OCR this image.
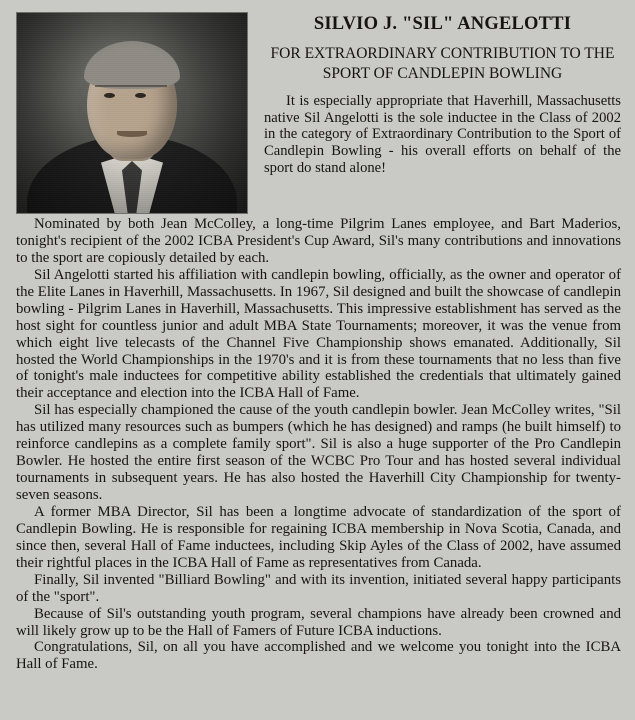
SILVIO J. "SIL" ANGELOTTI
FOR EXTRAORDINARY CONTRIBUTION TO THE SPORT OF CANDLEPIN BOWLING

It is especially appropriate that Haverhill, Massachusetts native Sil Angelotti is the sole inductee in the Class of 2002 in the category of Extraordinary Contribution to the Sport of Candlepin Bowling - his overall efforts on behalf of the sport do stand alone!

Nominated by both Jean McColley, a long-time Pilgrim Lanes employee, and Bart Maderios, tonight's recipient of the 2002 ICBA President's Cup Award, Sil's many contributions and innovations to the sport are copiously detailed by each.

Sil Angelotti started his affiliation with candlepin bowling, officially, as the owner and operator of the Elite Lanes in Haverhill, Massachusetts. In 1967, Sil designed and built the showcase of candlepin bowling - Pilgrim Lanes in Haverhill, Massachusetts. This impressive establishment has served as the host sight for countless junior and adult MBA State Tournaments; moreover, it was the venue from which eight live telecasts of the Channel Five Championship shows emanated. Additionally, Sil hosted the World Championships in the 1970's and it is from these tournaments that no less than five of tonight's male inductees for competitive ability established the credentials that ultimately gained their acceptance and election into the ICBA Hall of Fame.

Sil has especially championed the cause of the youth candlepin bowler. Jean McColley writes, "Sil has utilized many resources such as bumpers (which he has designed) and ramps (he built himself) to reinforce candlepins as a complete family sport". Sil is also a huge supporter of the Pro Candlepin Bowler. He hosted the entire first season of the WCBC Pro Tour and has hosted several individual tournaments in subsequent years. He has also hosted the Haverhill City Championship for twenty-seven seasons.

A former MBA Director, Sil has been a longtime advocate of standardization of the sport of Candlepin Bowling. He is responsible for regaining ICBA membership in Nova Scotia, Canada, and since then, several Hall of Fame inductees, including Skip Ayles of the Class of 2002, have assumed their rightful places in the ICBA Hall of Fame as representatives from Canada.

Finally, Sil invented "Billiard Bowling" and with its invention, initiated several happy participants of the "sport".

Because of Sil's outstanding youth program, several champions have already been crowned and will likely grow up to be the Hall of Famers of Future ICBA inductions.

Congratulations, Sil, on all you have accomplished and we welcome you tonight into the ICBA Hall of Fame.
